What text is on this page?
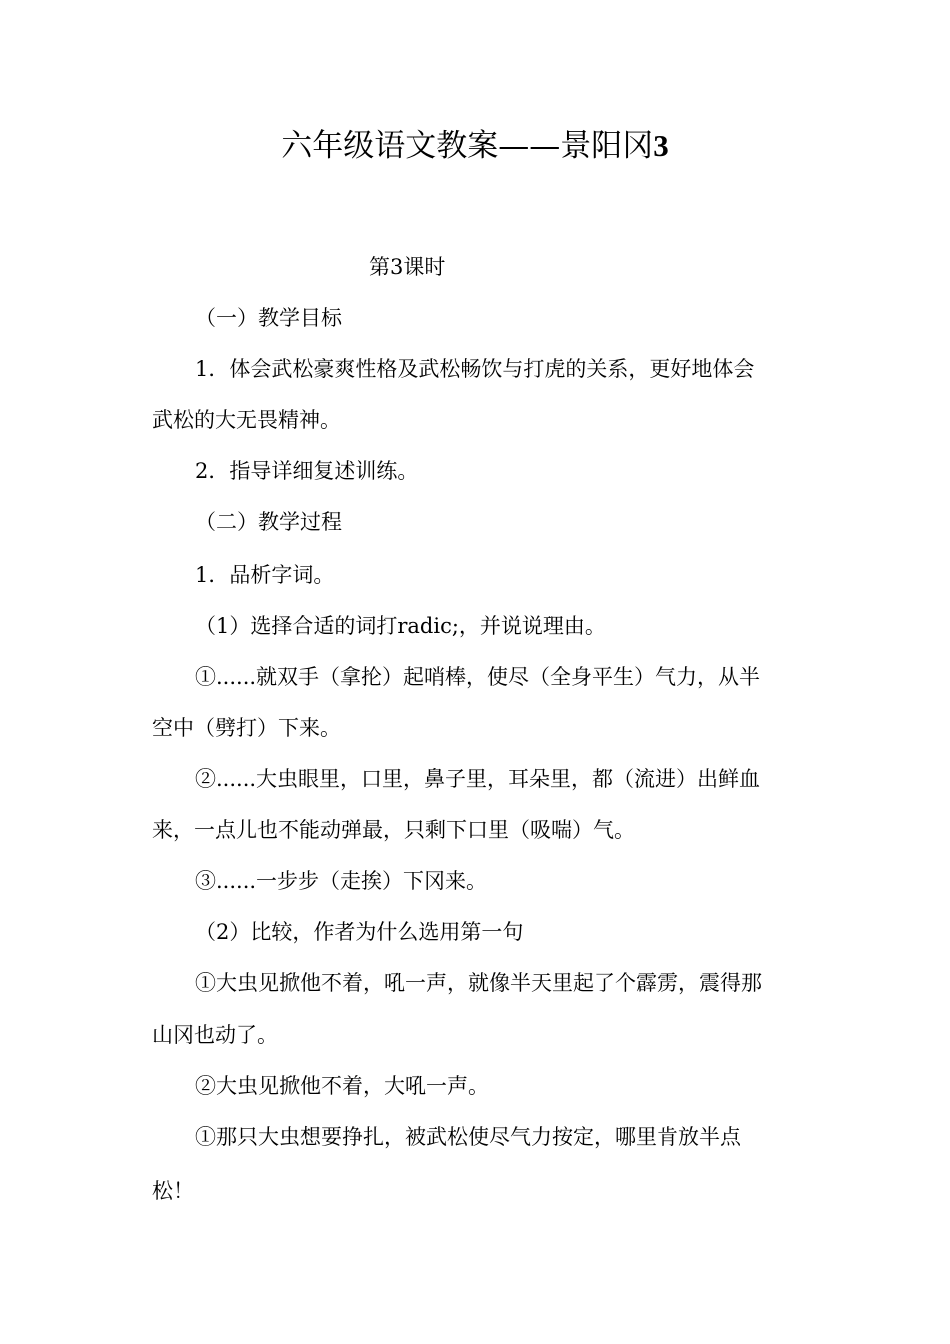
六年级语文教案——景阳冈3
第3课时
（一）教学目标
1．体会武松豪爽性格及武松畅饮与打虎的关系，更好地体会
武松的大无畏精神。
2．指导详细复述训练。
（二）教学过程
1．品析字词。
（1）选择合适的词打radic;，并说说理由。
①......就双手（拿抡）起哨棒，使尽（全身平生）气力，从半
空中（劈打）下来。
②......大虫眼里，口里，鼻子里，耳朵里，都（流进）出鲜血
来，一点儿也不能动弹最，只剩下口里（吸喘）气。
③......一步步（走挨）下冈来。
（2）比较，作者为什么选用第一句
①大虫见掀他不着，吼一声，就像半天里起了个霹雳，震得那
山冈也动了。
②大虫见掀他不着，大吼一声。
①那只大虫想要挣扎，被武松使尽气力按定，哪里肯放半点
松！
